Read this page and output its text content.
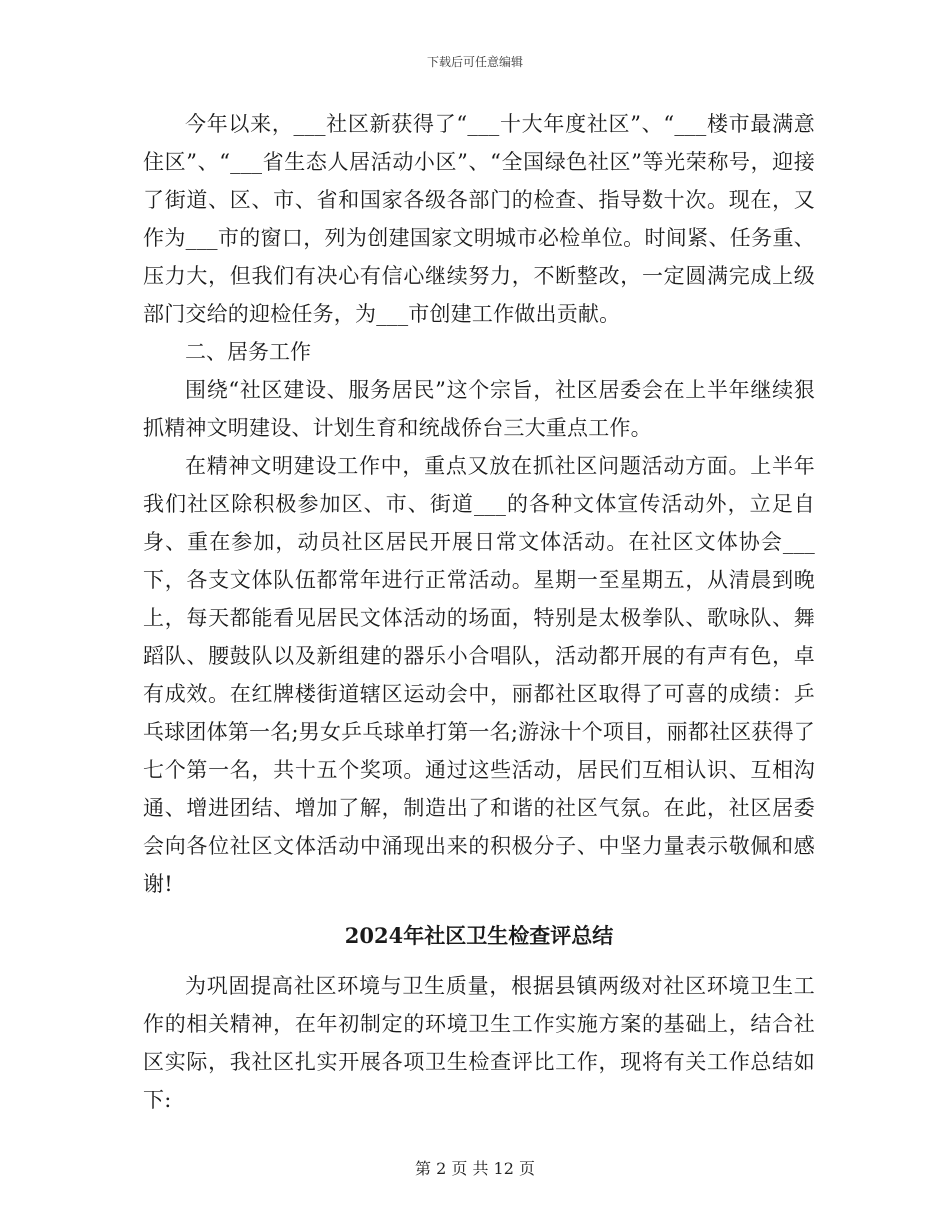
下载后可任意编辑

今年以来，___社区新获得了“___十大年度社区”、“___楼市最满意住区”、“___省生态人居活动小区”、“全国绿色社区”等光荣称号，迎接了街道、区、市、省和国家各级各部门的检查、指导数十次。现在，又作为___市的窗口，列为创建国家文明城市必检单位。时间紧、任务重、压力大，但我们有决心有信心继续努力，不断整改，一定圆满完成上级部门交给的迎检任务，为___市创建工作做出贡献。

二、居务工作

围绕“社区建设、服务居民”这个宗旨，社区居委会在上半年继续狠抓精神文明建设、计划生育和统战侨台三大重点工作。

在精神文明建设工作中，重点又放在抓社区问题活动方面。上半年我们社区除积极参加区、市、街道___的各种文体宣传活动外，立足自身、重在参加，动员社区居民开展日常文体活动。在社区文体协会___下，各支文体队伍都常年进行正常活动。星期一至星期五，从清晨到晚上，每天都能看见居民文体活动的场面，特别是太极拳队、歌咏队、舞蹈队、腰鼓队以及新组建的器乐小合唱队，活动都开展的有声有色，卓有成效。在红牌楼街道辖区运动会中，丽都社区取得了可喜的成绩：乒乓球团体第一名;男女乒乓球单打第一名;游泳十个项目，丽都社区获得了七个第一名，共十五个奖项。通过这些活动，居民们互相认识、互相沟通、增进团结、增加了解，制造出了和谐的社区气氛。在此，社区居委会向各位社区文体活动中涌现出来的积极分子、中坚力量表示敬佩和感谢!

2024年社区卫生检查评总结

为巩固提高社区环境与卫生质量，根据县镇两级对社区环境卫生工作的相关精神，在年初制定的环境卫生工作实施方案的基础上，结合社区实际，我社区扎实开展各项卫生检查评比工作，现将有关工作总结如下:

第 2 页 共 12 页
